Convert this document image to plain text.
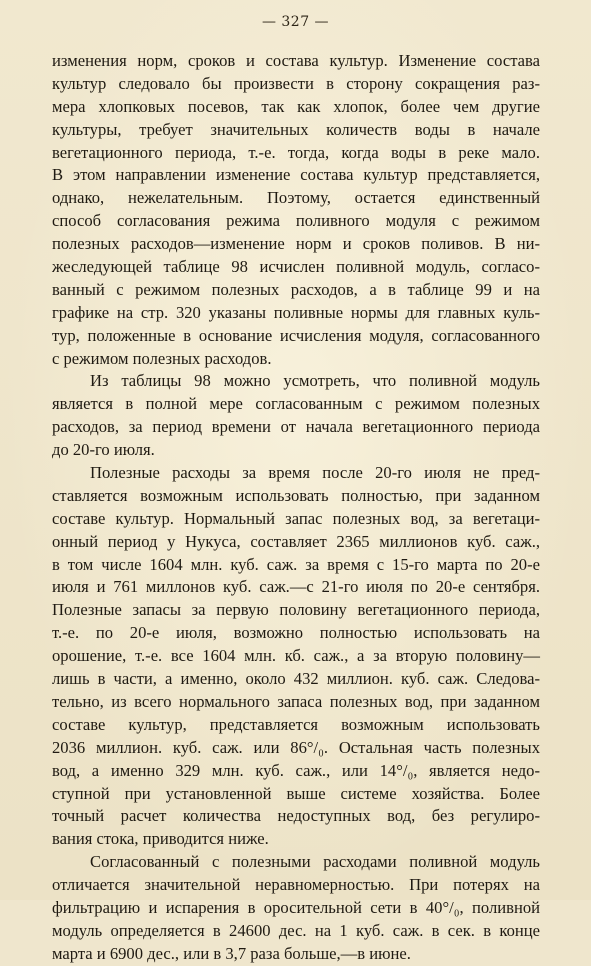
— 327 —
изменения норм, сроков и состава культур. Изменение состава
культур следовало бы произвести в сторону сокращения раз-
мера хлопковых посевов, так как хлопок, более чем другие
культуры, требует значительных количеств воды в начале
вегетационного периода, т.-е. тогда, когда воды в реке мало.
В этом направлении изменение состава культур представляется,
однако, нежелательным. Поэтому, остается единственный
способ согласования режима поливного модуля с режимом
полезных расходов—изменение норм и сроков поливов. В ни-
жеследующей таблице 98 исчислен поливной модуль, согласо-
ванный с режимом полезных расходов, а в таблице 99 и на
графике на стр. 320 указаны поливные нормы для главных куль-
тур, положенные в основание исчисления модуля, согласованного
с режимом полезных расходов.
Из таблицы 98 можно усмотреть, что поливной модуль
является в полной мере согласованным с режимом полезных
расходов, за период времени от начала вегетационного периода
до 20-го июля.
Полезные расходы за время после 20-го июля не пред-
ставляется возможным использовать полностью, при заданном
составе культур. Нормальный запас полезных вод, за вегетаци-
онный период у Нукуса, составляет 2365 миллионов куб. саж.,
в том числе 1604 млн. куб. саж. за время с 15-го марта по 20-е
июля и 761 миллонов куб. саж.—с 21-го июля по 20-е сентября.
Полезные запасы за первую половину вегетационного периода,
т.-е. по 20-е июля, возможно полностью использовать на
орошение, т.-е. все 1604 млн. кб. саж., а за вторую половину—
лишь в части, а именно, около 432 миллион. куб. саж. Следова-
тельно, из всего нормального запаса полезных вод, при заданном
составе культур, представляется возможным использовать
2036 миллион. куб. саж. или 86°/₀. Остальная часть полезных
вод, а именно 329 млн. куб. саж., или 14°/₀, является недо-
ступной при установленной выше системе хозяйства. Более
точный расчет количества недоступных вод, без регулиро-
вания стока, приводится ниже.
Согласованный с полезными расходами поливной модуль
отличается значительной неравномерностью. При потерях на
фильтрацию и испарения в оросительной сети в 40°/₀, поливной
модуль определяется в 24600 дес. на 1 куб. саж. в сек. в конце
марта и 6900 дес., или в 3,7 раза больше,—в июне.
